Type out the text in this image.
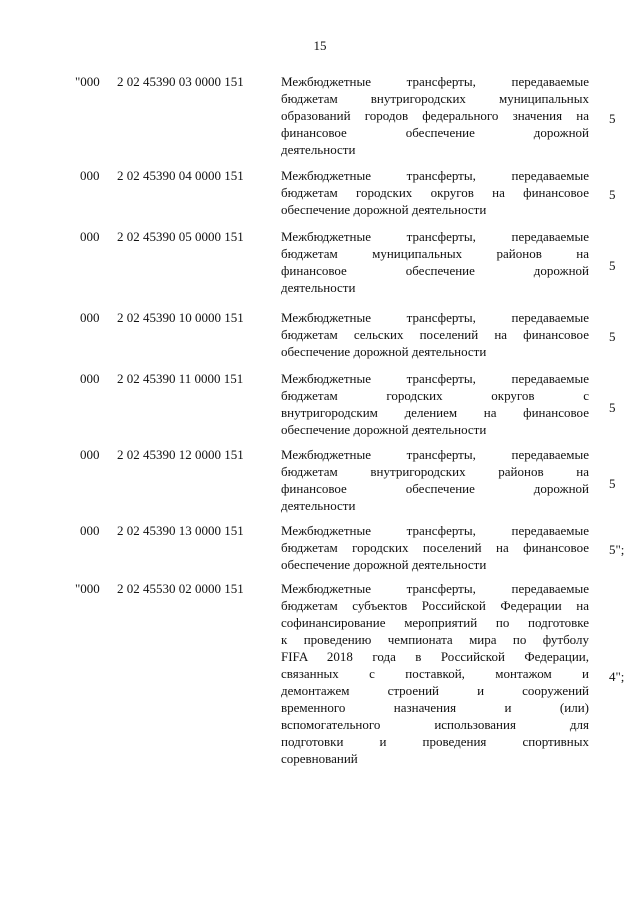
15
"000	2 02 45390 03 0000 151	Межбюджетные трансферты, передаваемые
бюджетам внутригородских муниципальных
образований городов федерального значения на
финансовое обеспечение дорожной
деятельности
5
000	2 02 45390 04 0000 151	Межбюджетные трансферты, передаваемые
бюджетам городских округов на финансовое
обеспечение дорожной деятельности
5
000	2 02 45390 05 0000 151	Межбюджетные трансферты, передаваемые
бюджетам муниципальных районов на
финансовое обеспечение дорожной
деятельности
5
000	2 02 45390 10 0000 151	Межбюджетные трансферты, передаваемые
бюджетам сельских поселений на финансовое
обеспечение дорожной деятельности
5
000	2 02 45390 11 0000 151	Межбюджетные трансферты, передаваемые
бюджетам городских округов с
внутригородским делением на финансовое
обеспечение дорожной деятельности
5
000	2 02 45390 12 0000 151	Межбюджетные трансферты, передаваемые
бюджетам внутригородских районов на
финансовое обеспечение дорожной
деятельности
5
000	2 02 45390 13 0000 151	Межбюджетные трансферты, передаваемые
бюджетам городских поселений на финансовое
обеспечение дорожной деятельности
5";
"000	2 02 45530 02 0000 151	Межбюджетные трансферты, передаваемые
бюджетам субъектов Российской Федерации на
софинансирование мероприятий по подготовке
к проведению чемпионата мира по футболу
FIFA 2018 года в Российской Федерации,
связанных с поставкой, монтажом и
демонтажем строений и сооружений
временного назначения и (или)
вспомогательного использования для
подготовки и проведения спортивных
соревнований
4";
